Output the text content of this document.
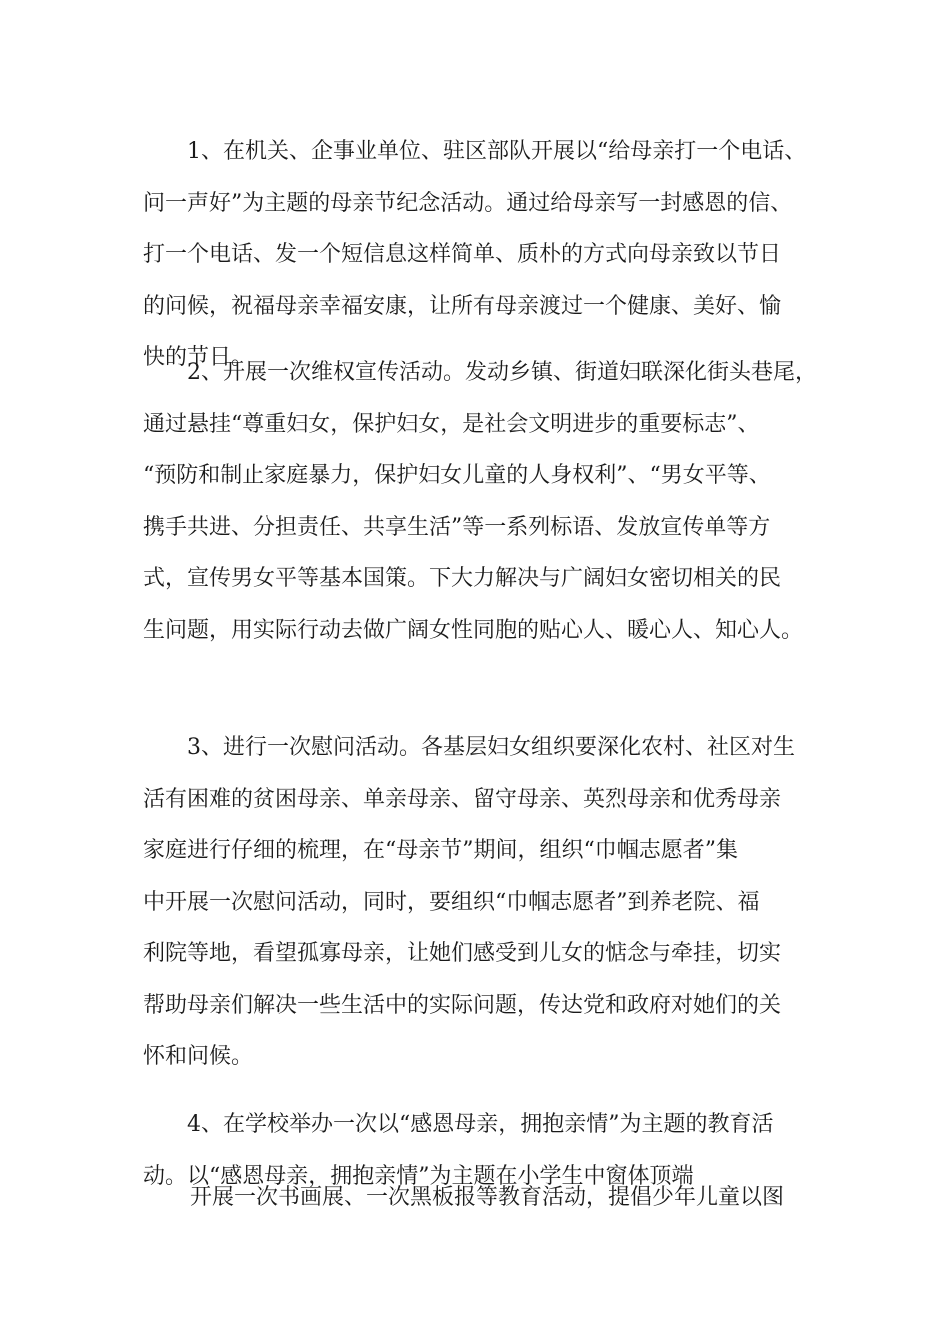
1、在机关、企事业单位、驻区部队开展以“给母亲打一个电话、
问一声好”为主题的母亲节纪念活动。通过给母亲写一封感恩的信、
打一个电话、发一个短信息这样简单、质朴的方式向母亲致以节日
的问候，祝福母亲幸福安康，让所有母亲渡过一个健康、美好、愉
快的节日。

2、开展一次维权宣传活动。发动乡镇、街道妇联深化街头巷尾，
通过悬挂“尊重妇女，保护妇女，是社会文明进步的重要标志”、
“预防和制止家庭暴力，保护妇女儿童的人身权利”、“男女平等、
携手共进、分担责任、共享生活”等一系列标语、发放宣传单等方
式，宣传男女平等基本国策。下大力解决与广阔妇女密切相关的民
生问题，用实际行动去做广阔女性同胞的贴心人、暖心人、知心人。

3、进行一次慰问活动。各基层妇女组织要深化农村、社区对生
活有困难的贫困母亲、单亲母亲、留守母亲、英烈母亲和优秀母亲
家庭进行仔细的梳理，在“母亲节”期间，组织“巾帼志愿者”集
中开展一次慰问活动，同时，要组织“巾帼志愿者”到养老院、福
利院等地，看望孤寡母亲，让她们感受到儿女的惦念与牵挂，切实
帮助母亲们解决一些生活中的实际问题，传达党和政府对她们的关
怀和问候。

4、在学校举办一次以“感恩母亲，拥抱亲情”为主题的教育活
动。以“感恩母亲，拥抱亲情”为主题在小学生中窗体顶端

开展一次书画展、一次黑板报等教育活动，提倡少年儿童以图
